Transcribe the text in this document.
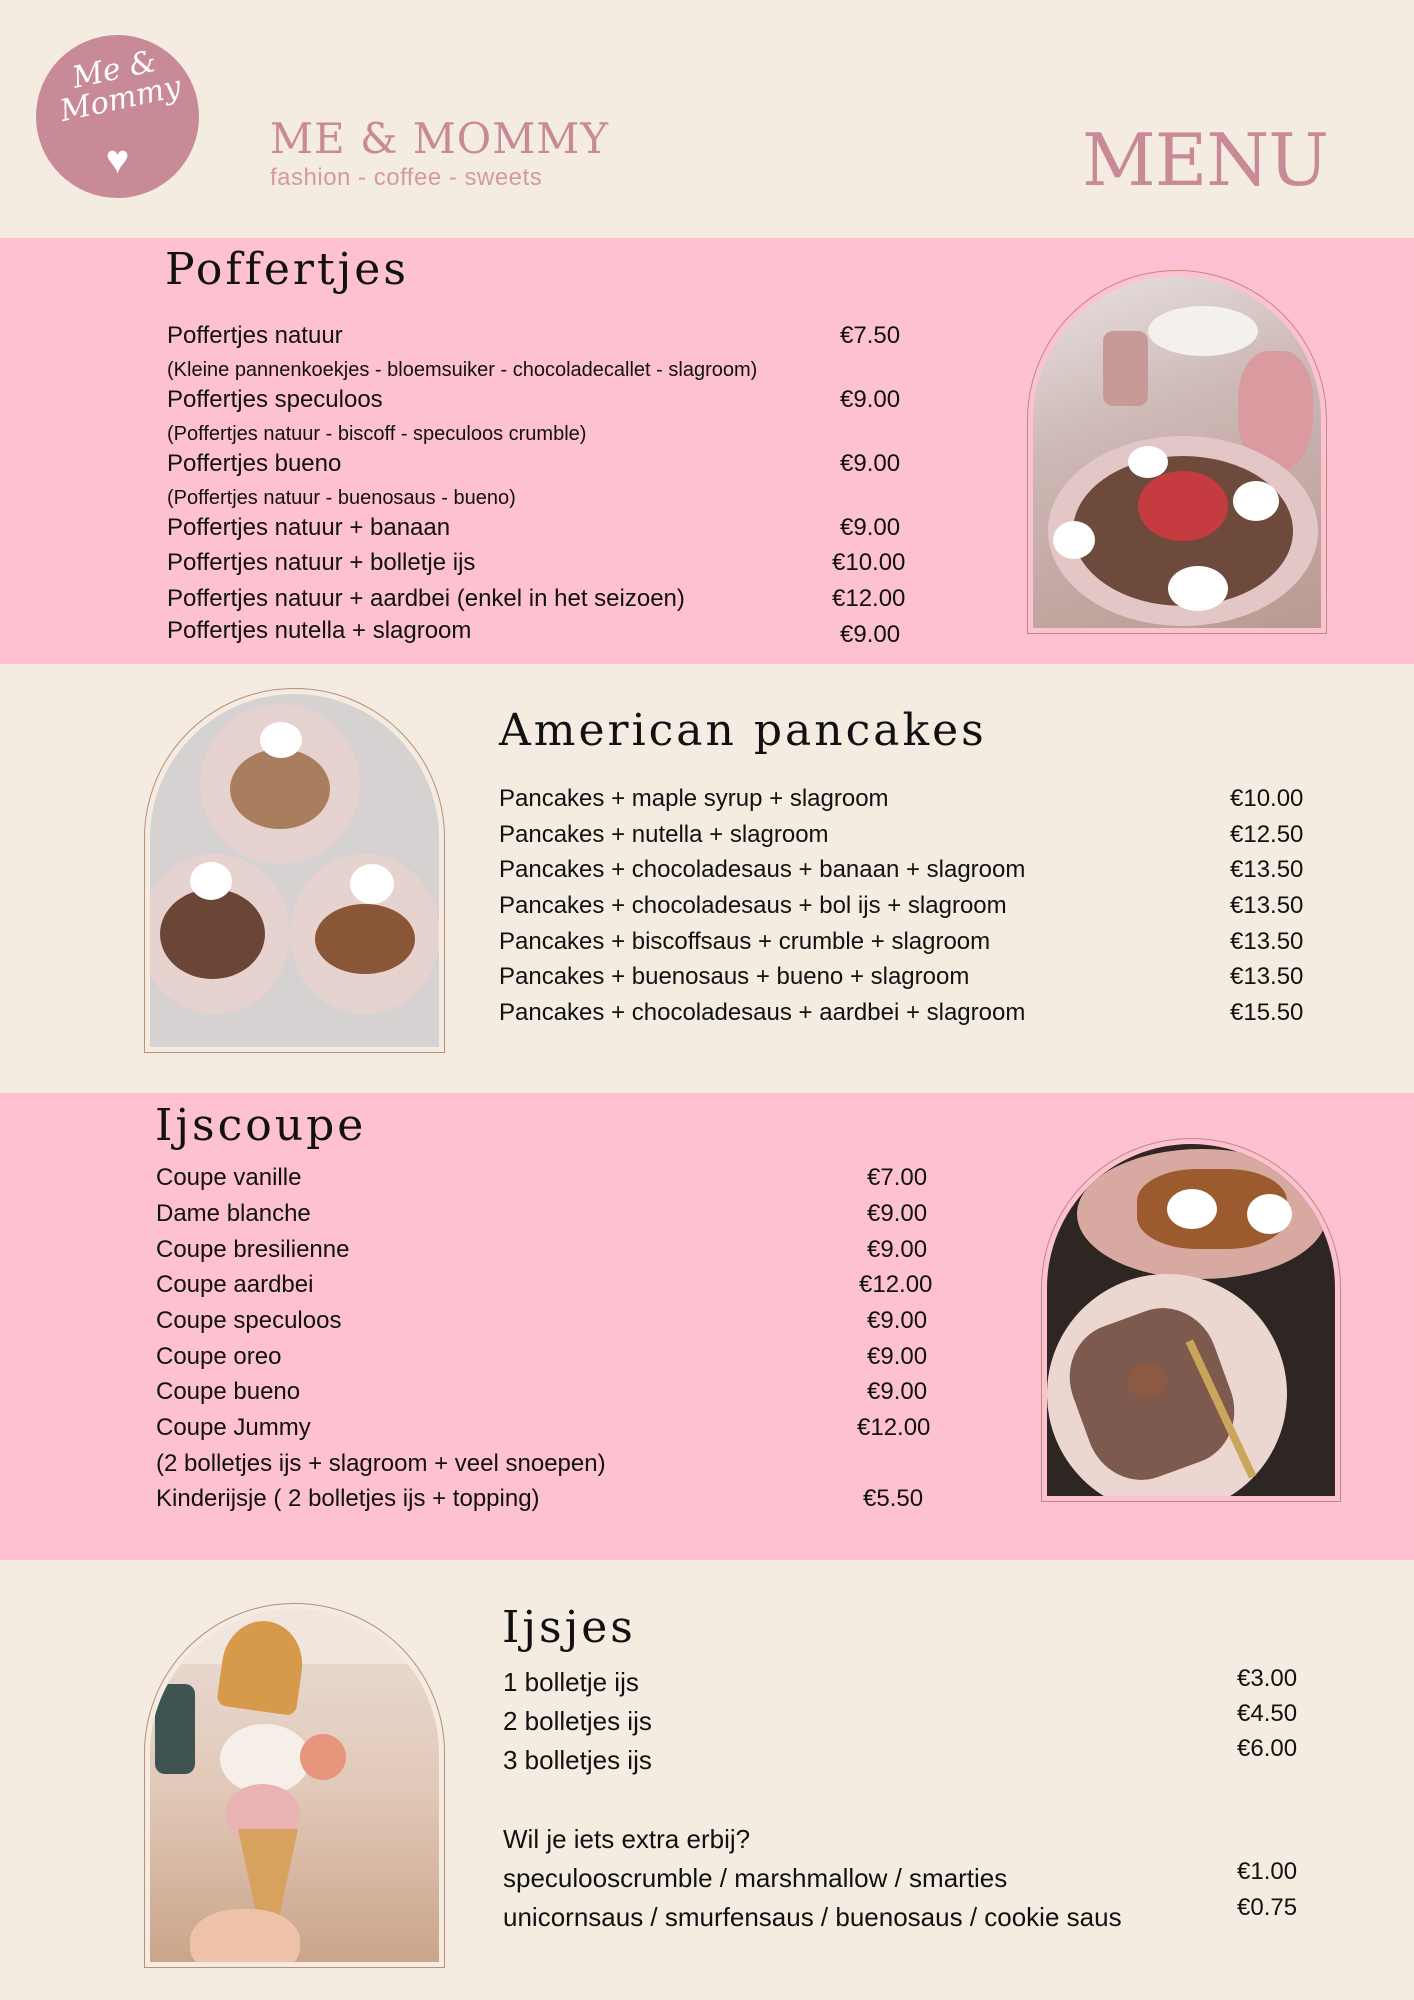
Me & Mommy
♥	ME & MOMMY
fashion - coffee - sweets	MENU
Poffertjes
Poffertjes natuur	€7.50
(Kleine pannenkoekjes - bloemsuiker - chocoladecallet - slagroom)
Poffertjes speculoos	€9.00
(Poffertjes natuur - biscoff - speculoos crumble)
Poffertjes bueno	€9.00
(Poffertjes natuur - buenosaus - bueno)
Poffertjes natuur + banaan	€9.00
Poffertjes natuur + bolletje ijs	€10.00
Poffertjes natuur + aardbei (enkel in het seizoen)	€12.00
Poffertjes nutella + slagroom	€9.00
American pancakes
Pancakes + maple syrup + slagroom	€10.00
Pancakes + nutella + slagroom	€12.50
Pancakes + chocoladesaus + banaan + slagroom	€13.50
Pancakes + chocoladesaus + bol ijs + slagroom	€13.50
Pancakes + biscoffsaus + crumble + slagroom	€13.50
Pancakes + buenosaus + bueno + slagroom	€13.50
Pancakes + chocoladesaus + aardbei + slagroom	€15.50
Ijscoupe
Coupe vanille	€7.00
Dame blanche	€9.00
Coupe bresilienne	€9.00
Coupe aardbei	€12.00
Coupe speculoos	€9.00
Coupe oreo	€9.00
Coupe bueno	€9.00
Coupe Jummy	€12.00
(2 bolletjes ijs + slagroom + veel snoepen)
Kinderijsje ( 2 bolletjes ijs + topping)	€5.50
Ijsjes
1 bolletje ijs	€3.00
2 bolletjes ijs	€4.50
3 bolletjes ijs	€6.00
Wil je iets extra erbij?
speculooscrumble / marshmallow / smarties	€1.00
unicornsaus / smurfensaus / buenosaus / cookie saus	€0.75
